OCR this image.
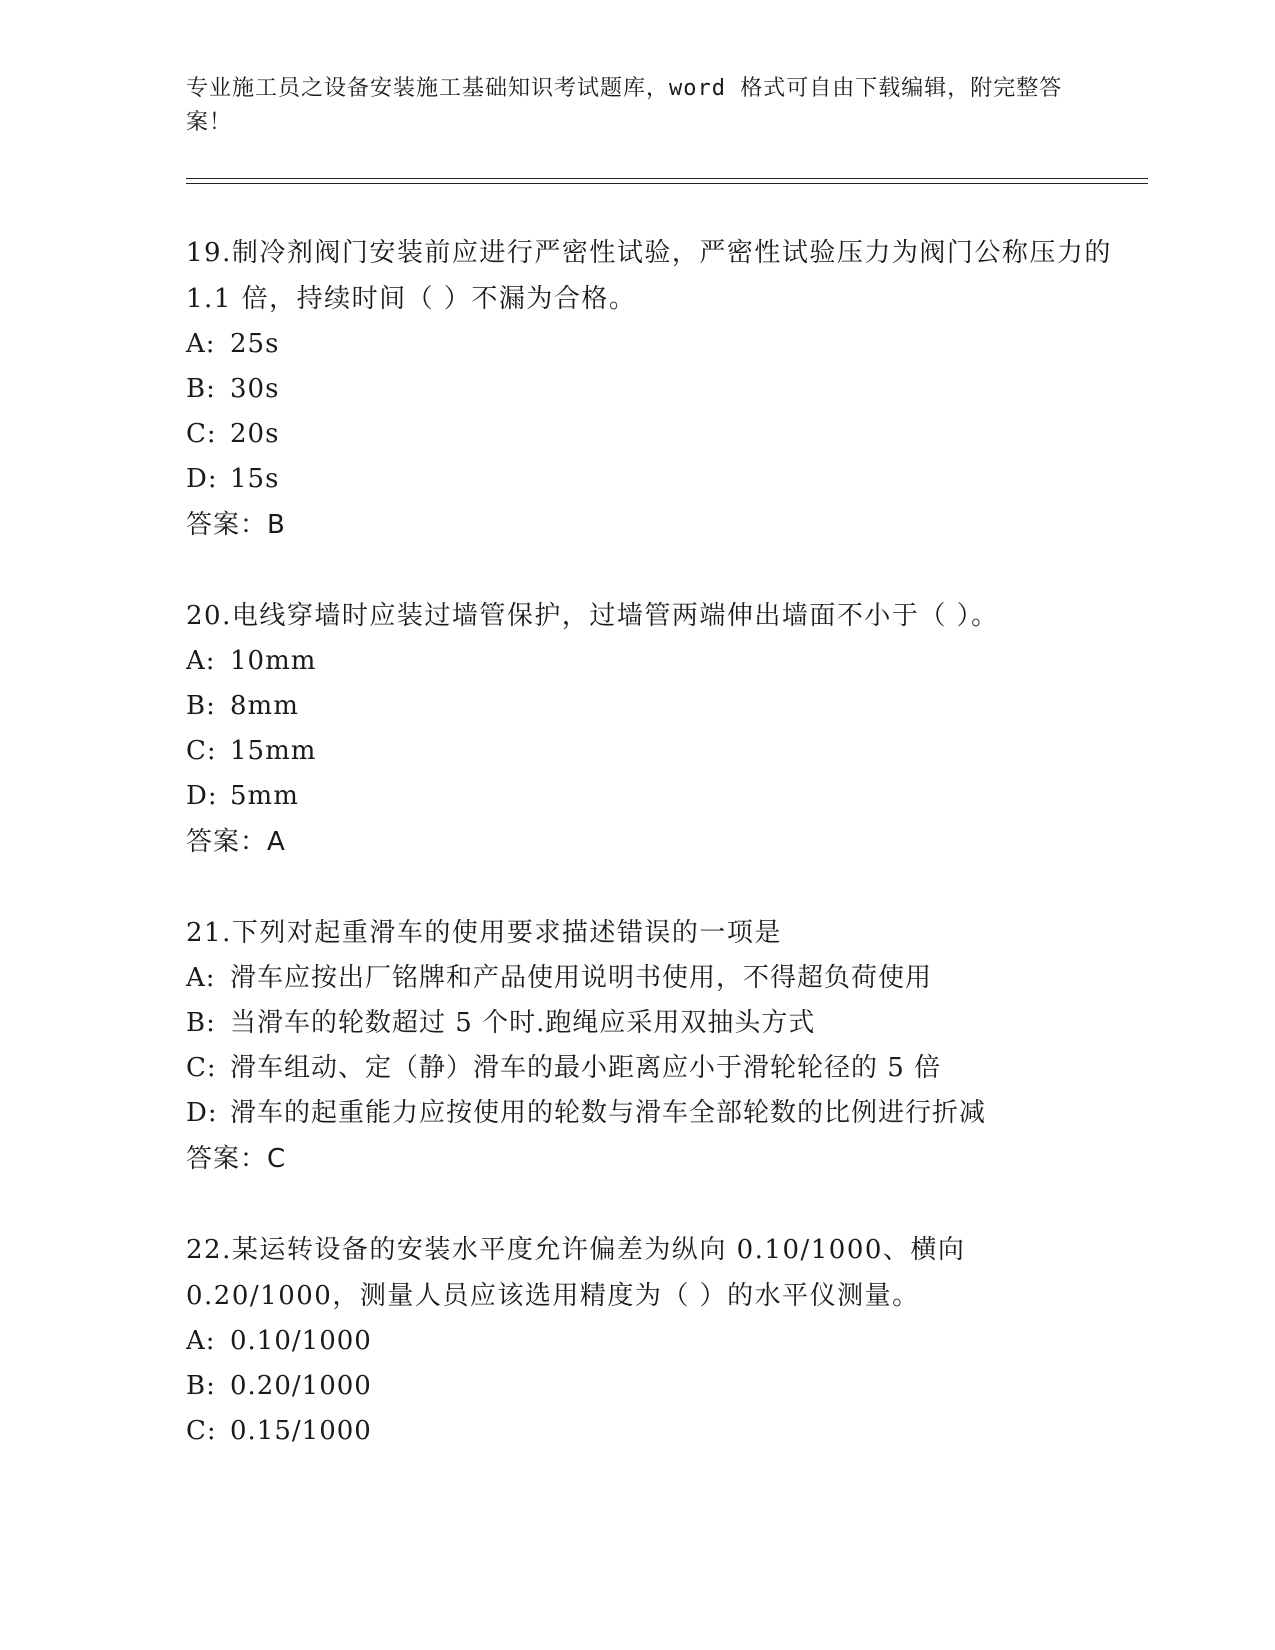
专业施工员之设备安装施工基础知识考试题库，word 格式可自由下载编辑，附完整答案！
19.制冷剂阀门安装前应进行严密性试验，严密性试验压力为阀门公称压力的 1.1 倍，持续时间（ ）不漏为合格。
A: 25s
B: 30s
C: 20s
D: 15s
答案：B
20.电线穿墙时应装过墙管保护，过墙管两端伸出墙面不小于（ ）。
A: 10mm
B: 8mm
C: 15mm
D: 5mm
答案：A
21.下列对起重滑车的使用要求描述错误的一项是
A: 滑车应按出厂铭牌和产品使用说明书使用，不得超负荷使用
B: 当滑车的轮数超过 5 个时.跑绳应采用双抽头方式
C: 滑车组动、定（静）滑车的最小距离应小于滑轮轮径的 5 倍
D: 滑车的起重能力应按使用的轮数与滑车全部轮数的比例进行折减
答案：C
22.某运转设备的安装水平度允许偏差为纵向 0.10/1000、横向 0.20/1000，测量人员应该选用精度为（ ）的水平仪测量。
A: 0.10/1000
B: 0.20/1000
C: 0.15/1000
